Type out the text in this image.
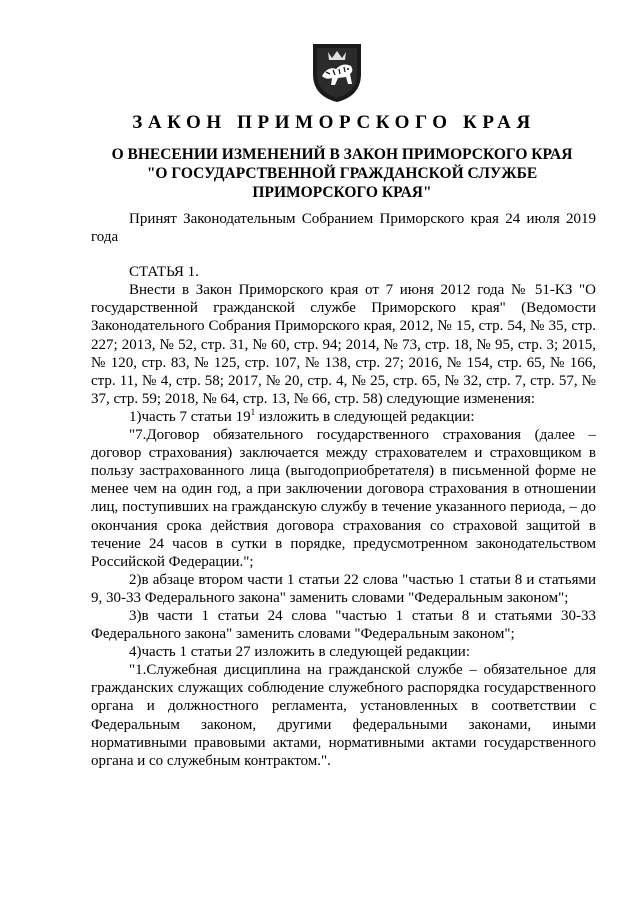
ЗАКОН ПРИМОРСКОГО КРАЯ
О ВНЕСЕНИИ ИЗМЕНЕНИЙ В ЗАКОН ПРИМОРСКОГО КРАЯ
"О ГОСУДАРСТВЕННОЙ ГРАЖДАНСКОЙ СЛУЖБЕ
ПРИМОРСКОГО КРАЯ"

Принят Законодательным Собранием Приморского края 24 июля 2019 года

СТАТЬЯ 1.

Внести в Закон Приморского края от 7 июня 2012 года № 51-КЗ "О государственной гражданской службе Приморского края" (Ведомости Законодательного Собрания Приморского края, 2012, № 15, стр. 54, № 35, стр. 227; 2013, № 52, стр. 31, № 60, стр. 94; 2014, № 73, стр. 18, № 95, стр. 3; 2015, № 120, стр. 83, № 125, стр. 107, № 138, стр. 27; 2016, № 154, стр. 65, № 166, стр. 11, № 4, стр. 58; 2017, № 20, стр. 4, № 25, стр. 65, № 32, стр. 7, стр. 57, № 37, стр. 59; 2018, № 64, стр. 13, № 66, стр. 58) следующие изменения:

1)часть 7 статьи $19^1$ изложить в следующей редакции:

"7.Договор обязательного государственного страхования (далее – договор страхования) заключается между страхователем и страховщиком в пользу застрахованного лица (выгодоприобретателя) в письменной форме не менее чем на один год, а при заключении договора страхования в отношении лиц, поступивших на гражданскую службу в течение указанного периода, – до окончания срока действия договора страхования со страховой защитой в течение 24 часов в сутки в порядке, предусмотренном законодательством Российской Федерации.";

2)в абзаце втором части 1 статьи 22 слова "частью 1 статьи 8 и статьями 9, 30-33 Федерального закона" заменить словами "Федеральным законом";

3)в части 1 статьи 24 слова "частью 1 статьи 8 и статьями 30-33 Федерального закона" заменить словами "Федеральным законом";

4)часть 1 статьи 27 изложить в следующей редакции:

"1.Служебная дисциплина на гражданской службе – обязательное для гражданских служащих соблюдение служебного распорядка государственного органа и должностного регламента, установленных в соответствии с Федеральным законом, другими федеральными законами, иными нормативными правовыми актами, нормативными актами государственного органа и со служебным контрактом.".
